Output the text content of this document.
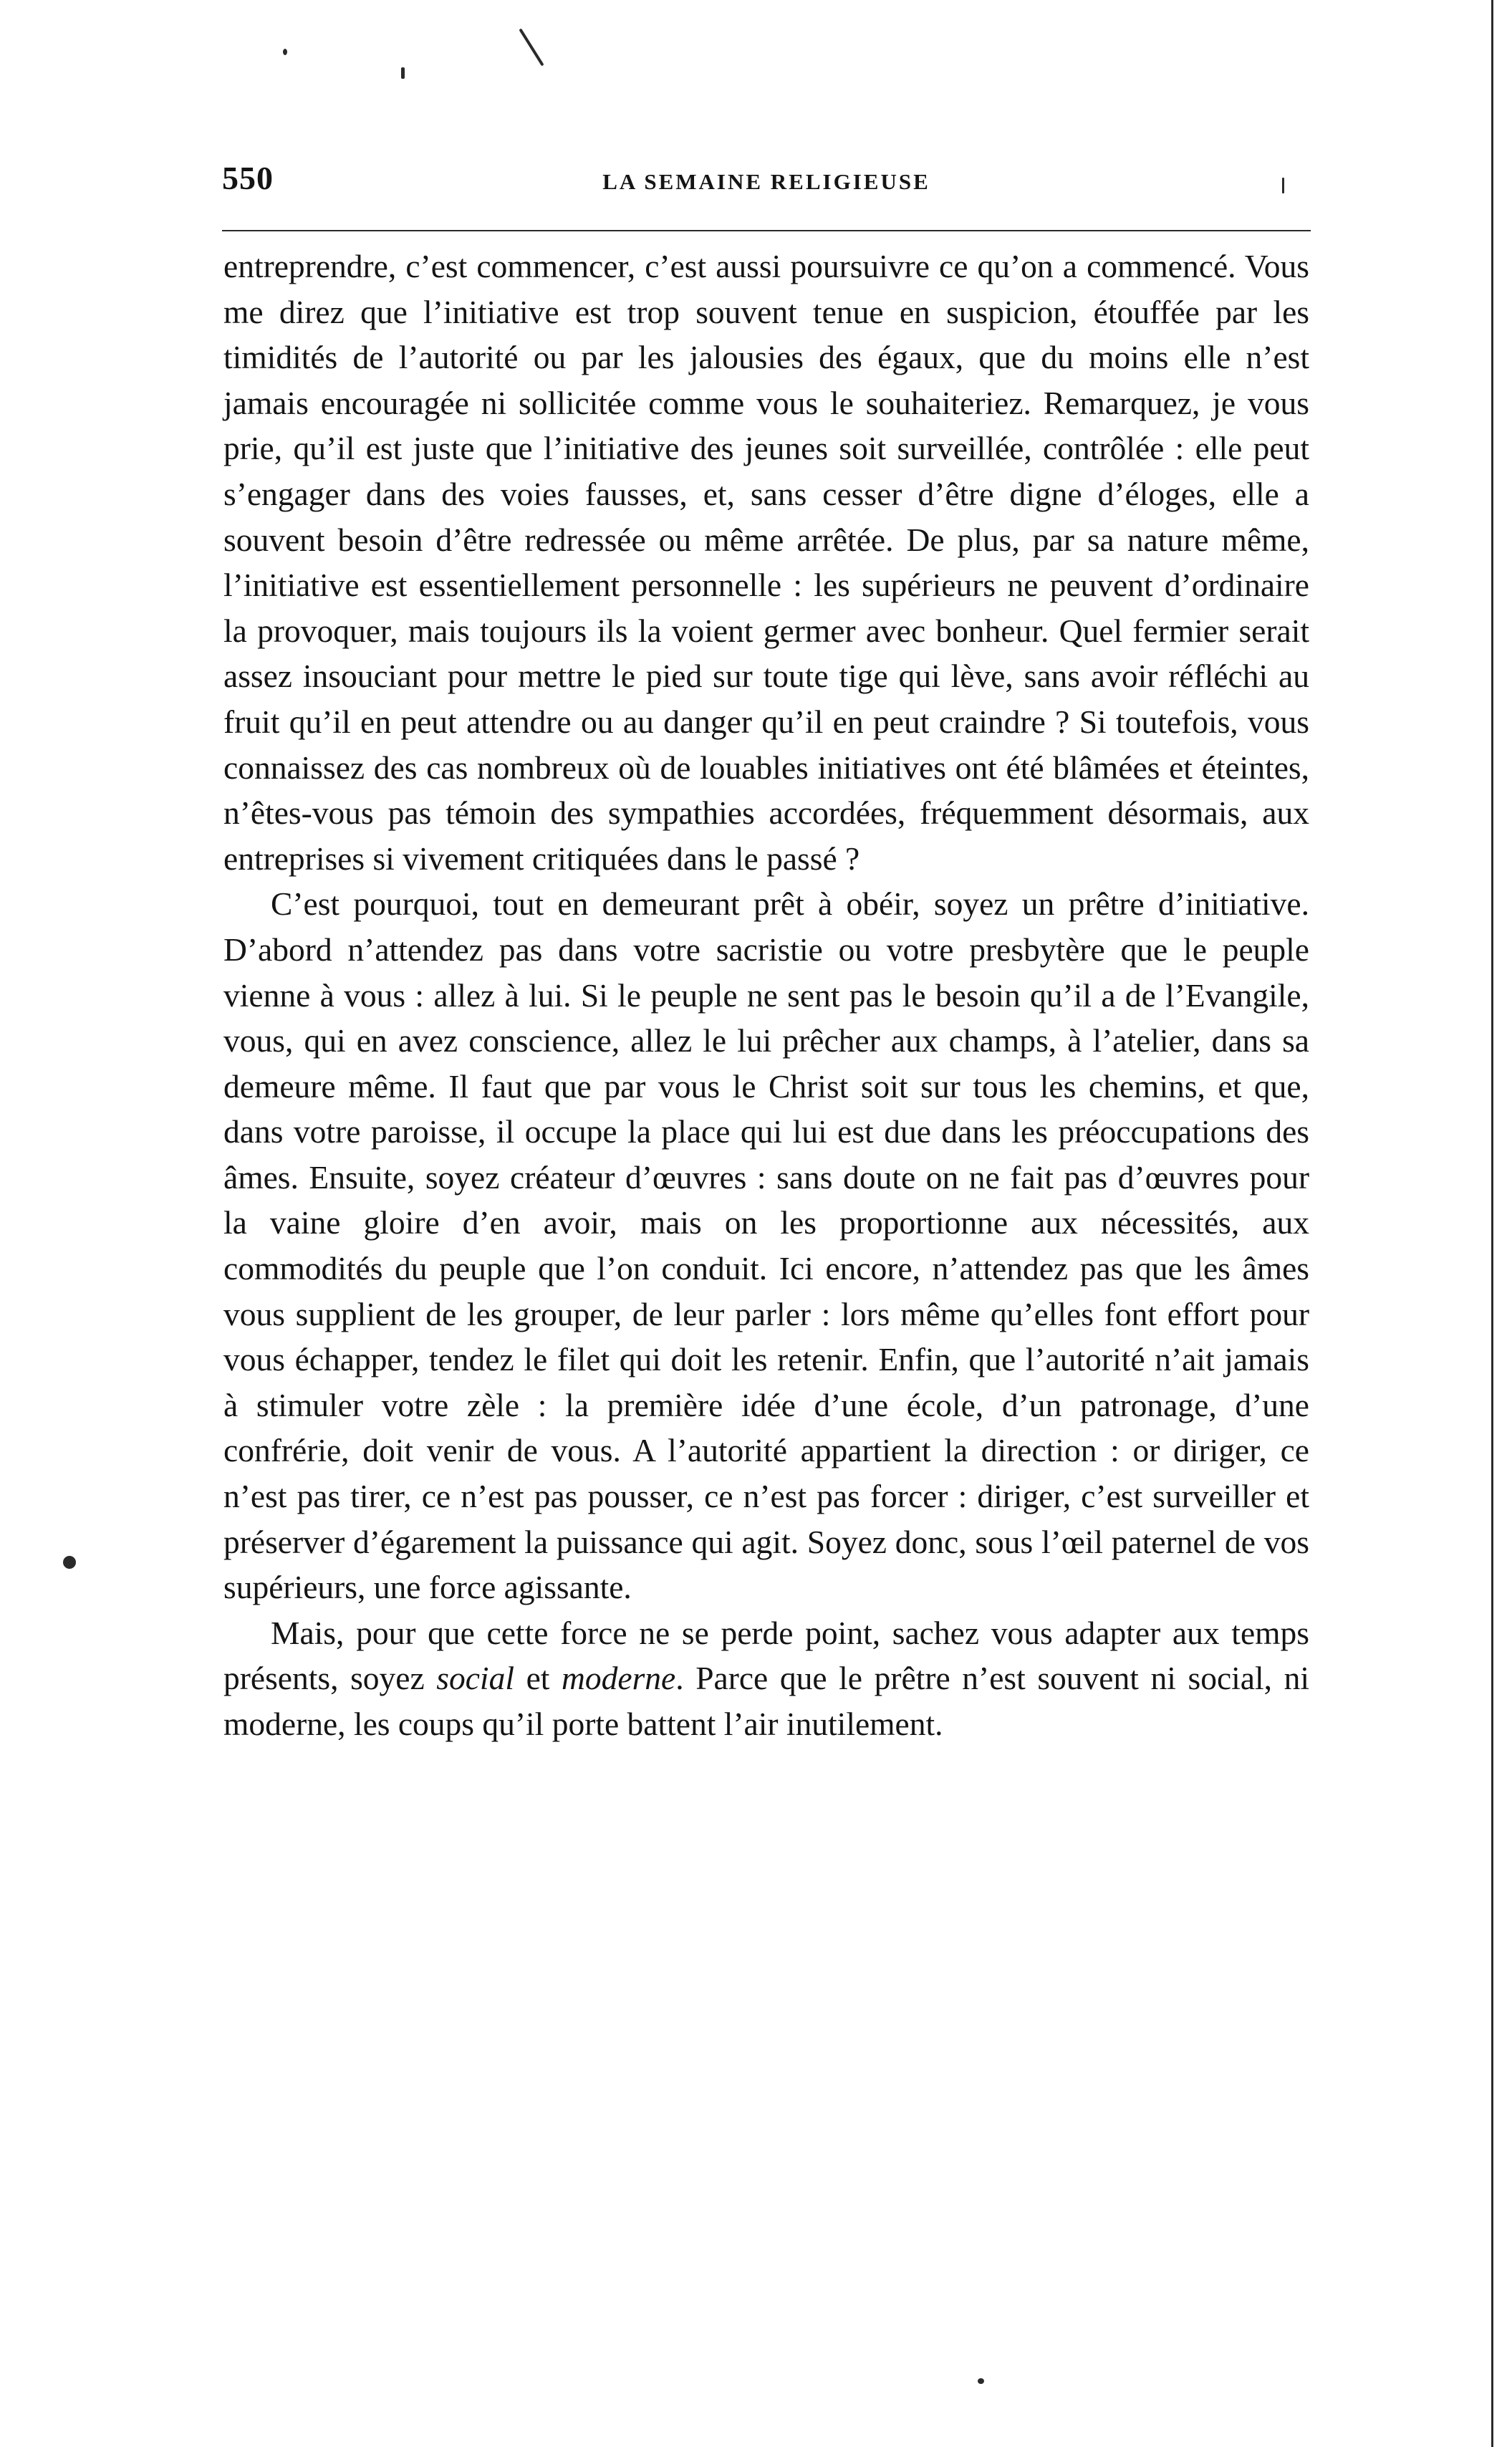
550	LA SEMAINE RELIGIEUSE

entreprendre, c’est commencer, c’est aussi poursuivre ce qu’on a commencé. Vous me direz que l’initiative est trop souvent tenue en suspicion, étouffée par les timidités de l’autorité ou par les jalousies des égaux, que du moins elle n’est jamais encouragée ni sollicitée comme vous le souhaiteriez. Remarquez, je vous prie, qu’il est juste que l’initiative des jeunes soit surveillée, contrôlée : elle peut s’engager dans des voies fausses, et, sans cesser d’être digne d’éloges, elle a souvent besoin d’être redressée ou même arrêtée. De plus, par sa nature même, l’initiative est essentiellement personnelle : les supérieurs ne peuvent d’ordinaire la provoquer, mais toujours ils la voient germer avec bonheur. Quel fermier serait assez insouciant pour mettre le pied sur toute tige qui lève, sans avoir réfléchi au fruit qu’il en peut attendre ou au danger qu’il en peut craindre ? Si toutefois, vous connaissez des cas nombreux où de louables initiatives ont été blâmées et éteintes, n’êtes-vous pas témoin des sympathies accordées, fréquemment désormais, aux entreprises si vivement critiquées dans le passé ?

C’est pourquoi, tout en demeurant prêt à obéir, soyez un prêtre d’initiative. D’abord n’attendez pas dans votre sacristie ou votre presbytère que le peuple vienne à vous : allez à lui. Si le peuple ne sent pas le besoin qu’il a de l’Evangile, vous, qui en avez conscience, allez le lui prêcher aux champs, à l’atelier, dans sa demeure même. Il faut que par vous le Christ soit sur tous les chemins, et que, dans votre paroisse, il occupe la place qui lui est due dans les préoccupations des âmes. Ensuite, soyez créateur d’œuvres : sans doute on ne fait pas d’œuvres pour la vaine gloire d’en avoir, mais on les proportionne aux nécessités, aux commodités du peuple que l’on conduit. Ici encore, n’attendez pas que les âmes vous supplient de les grouper, de leur parler : lors même qu’elles font effort pour vous échapper, tendez le filet qui doit les retenir. Enfin, que l’autorité n’ait jamais à stimuler votre zèle : la première idée d’une école, d’un patronage, d’une confrérie, doit venir de vous. A l’autorité appartient la direction : or diriger, ce n’est pas tirer, ce n’est pas pousser, ce n’est pas forcer : diriger, c’est surveiller et préserver d’égarement la puissance qui agit. Soyez donc, sous l’œil paternel de vos supérieurs, une force agissante.

Mais, pour que cette force ne se perde point, sachez vous adapter aux temps présents, soyez social et moderne. Parce que le prêtre n’est souvent ni social, ni moderne, les coups qu’il porte battent l’air inutilement.
